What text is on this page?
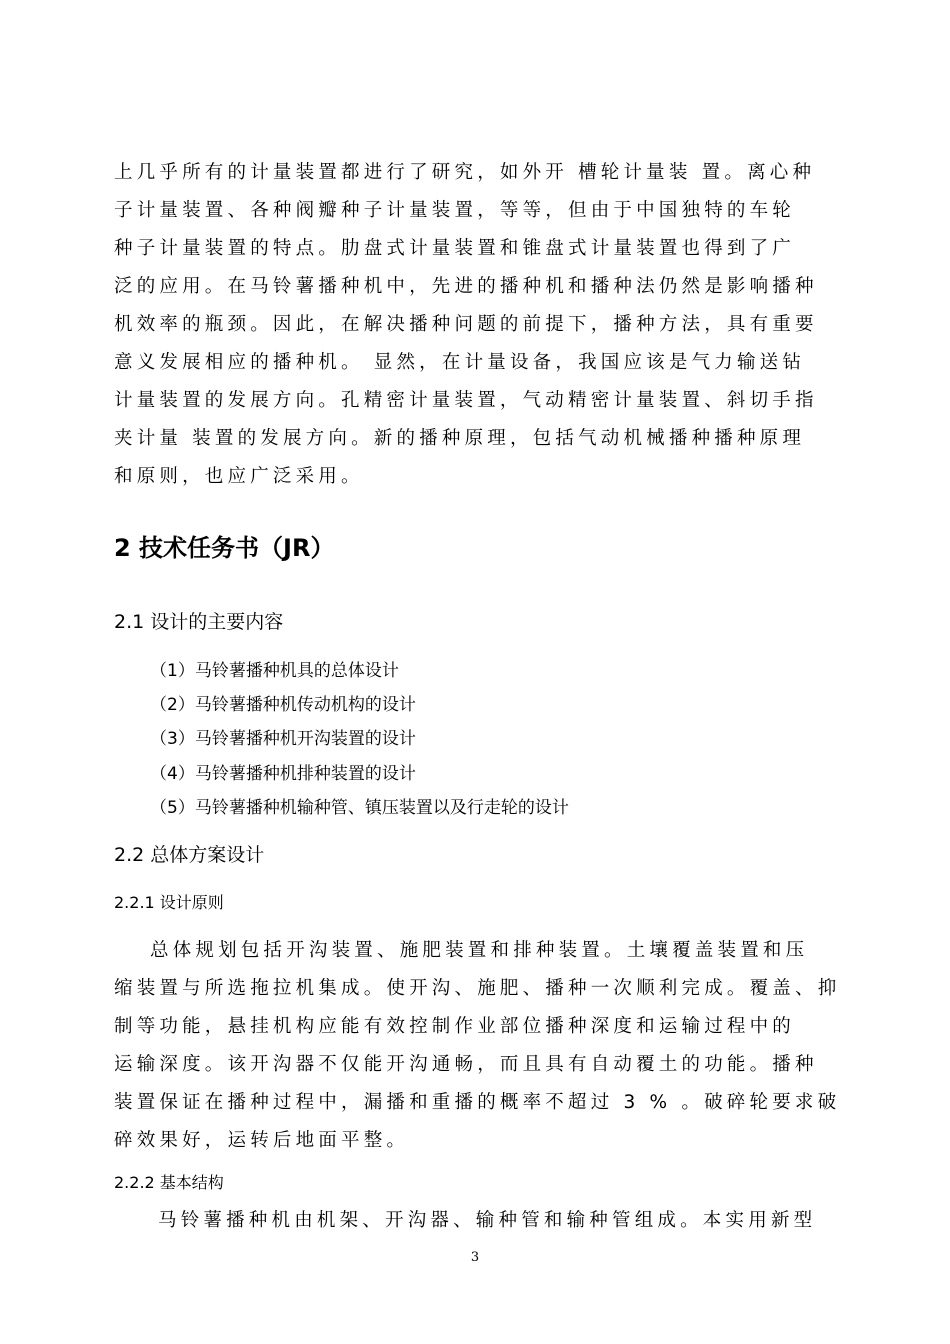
上几乎所有的计量装置都进行了研究，如外开 槽轮计量装 置。离心种
子计量装置、各种阀瓣种子计量装置，等等，但由于中国独特的车轮
种子计量装置的特点。肋盘式计量装置和锥盘式计量装置也得到了广
泛的应用。在马铃薯播种机中，先进的播种机和播种法仍然是影响播种
机效率的瓶颈。因此，在解决播种问题的前提下，播种方法，具有重要
意义发展相应的播种机。 显然，在计量设备，我国应该是气力输送钻
计量装置的发展方向。孔精密计量装置，气动精密计量装置、斜切手指
夹计量 装置的发展方向。新的播种原理，包括气动机械播种播种原理
和原则，也应广泛采用。
2 技术任务书（JR）
2.1 设计的主要内容
（1）马铃薯播种机具的总体设计
（2）马铃薯播种机传动机构的设计
（3）马铃薯播种机开沟装置的设计
（4）马铃薯播种机排种装置的设计
（5）马铃薯播种机输种管、镇压装置以及行走轮的设计
2.2 总体方案设计
2.2.1 设计原则
总体规划包括开沟装置、施肥装置和排种装置。土壤覆盖装置和压
缩装置与所选拖拉机集成。使开沟、施肥、播种一次顺利完成。覆盖、抑
制等功能，悬挂机构应能有效控制作业部位播种深度和运输过程中的
运输深度。该开沟器不仅能开沟通畅，而且具有自动覆土的功能。播种
装置保证在播种过程中，漏播和重播的概率不超过 3 % 。破碎轮要求破
碎效果好，运转后地面平整。
2.2.2 基本结构
马铃薯播种机由机架、开沟器、输种管和输种管组成。本实用新型
3
